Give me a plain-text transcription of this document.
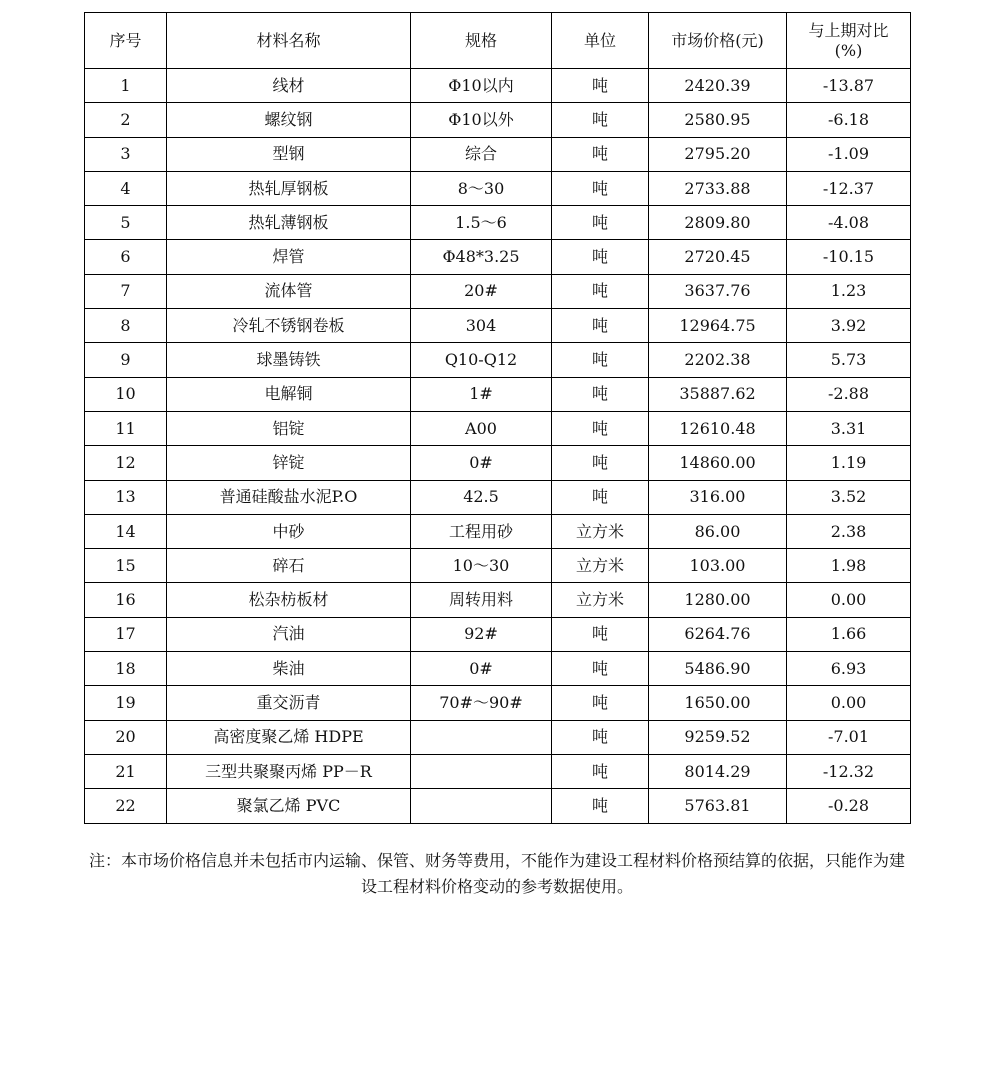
序号	材料名称	规格	单位	市场价格(元)	与上期对比
(%)
1	线材	Φ10以内	吨	2420.39	-13.87
2	螺纹钢	Φ10以外	吨	2580.95	-6.18
3	型钢	综合	吨	2795.20	-1.09
4	热轧厚钢板	8～30	吨	2733.88	-12.37
5	热轧薄钢板	1.5～6	吨	2809.80	-4.08
6	焊管	Φ48*3.25	吨	2720.45	-10.15
7	流体管	20#	吨	3637.76	1.23
8	冷轧不锈钢卷板	304	吨	12964.75	3.92
9	球墨铸铁	Q10-Q12	吨	2202.38	5.73
10	电解铜	1#	吨	35887.62	-2.88
11	铝锭	A00	吨	12610.48	3.31
12	锌锭	0#	吨	14860.00	1.19
13	普通硅酸盐水泥P.O	42.5	吨	316.00	3.52
14	中砂	工程用砂	立方米	86.00	2.38
15	碎石	10～30	立方米	103.00	1.98
16	松杂枋板材	周转用料	立方米	1280.00	0.00
17	汽油	92#	吨	6264.76	1.66
18	柴油	0#	吨	5486.90	6.93
19	重交沥青	70#～90#	吨	1650.00	0.00
20	高密度聚乙烯 HDPE		吨	9259.52	-7.01
21	三型共聚聚丙烯 PP－R		吨	8014.29	-12.32
22	聚氯乙烯 PVC		吨	5763.81	-0.28

注：本市场价格信息并未包括市内运输、保管、财务等费用，不能作为建设工程材料价格预结算的依据，只能作为建设工程材料价格变动的参考数据使用。
